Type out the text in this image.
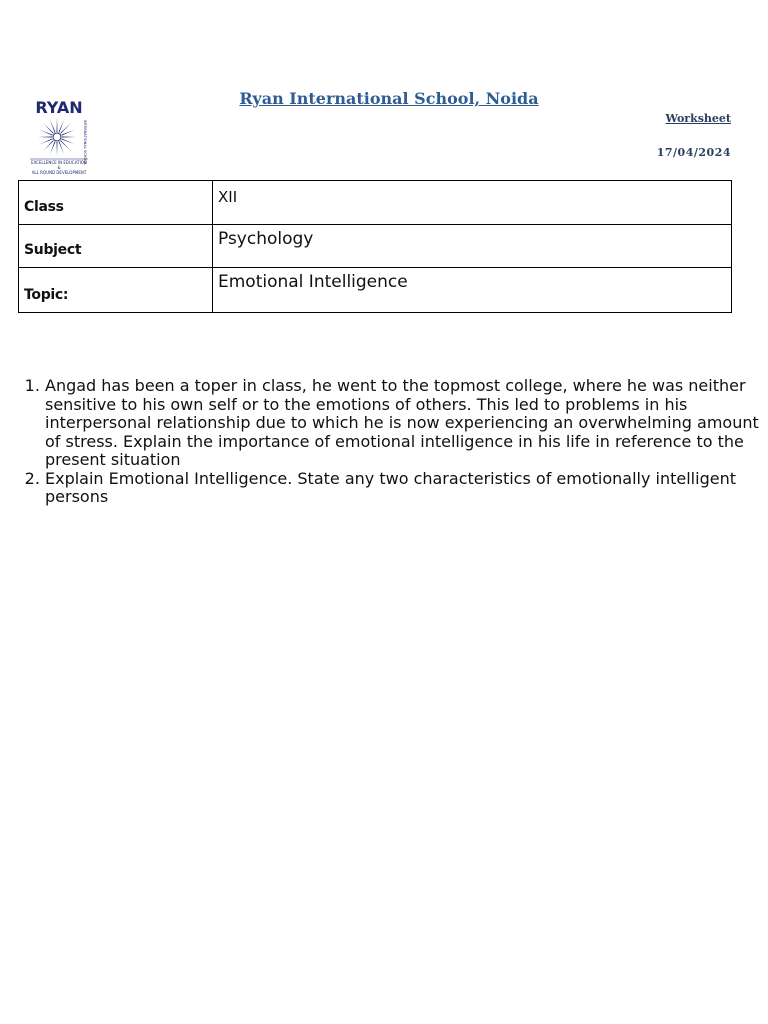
RYAN
INTERNATIONAL SCHOOL
EXCELLENCE IN EDUCATION
&
ALL ROUND DEVELOPMENT
Ryan International School, Noida
Worksheet
17/04/2024
Class	XII

Subject	Psychology

Topic:	Emotional Intelligence
1. Angad has been a toper in class, he went to the topmost college, where he was neither sensitive to his own self or to the emotions of others. This led to problems in his interpersonal relationship due to which he is now experiencing an overwhelming amount of stress. Explain the importance of emotional intelligence in his life in reference to the present situation
2. Explain Emotional Intelligence. State any two characteristics of emotionally intelligent persons
